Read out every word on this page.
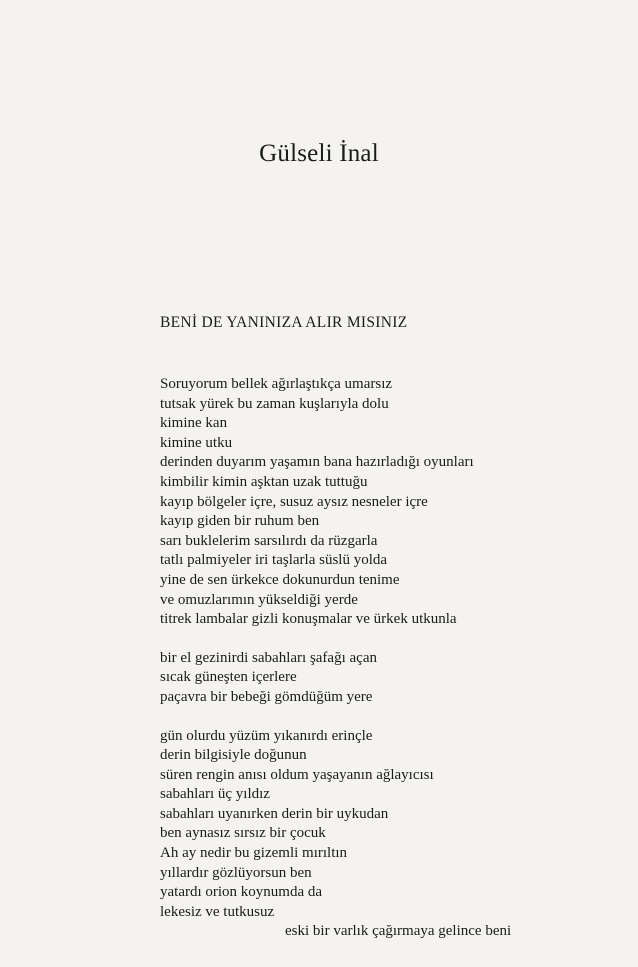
Gülseli İnal
BENİ DE YANINIZA ALIR MISINIZ
Soruyorum bellek ağırlaştıkça umarsız
tutsak yürek bu zaman kuşlarıyla dolu
kimine kan
kimine utku
derinden duyarım yaşamın bana hazırladığı oyunları
kimbilir kimin aşktan uzak tuttuğu
kayıp bölgeler içre, susuz aysız nesneler içre
kayıp giden bir ruhum ben
sarı buklelerim sarsılırdı da rüzgarla
tatlı palmiyeler iri taşlarla süslü yolda
yine de sen ürkekce dokunurdun tenime
ve omuzlarımın yükseldiği yerde
titrek lambalar gizli konuşmalar ve ürkek utkunla
bir el gezinirdi sabahları şafağı açan
sıcak güneşten içerlere
paçavra bir bebeği gömdüğüm yere
gün olurdu yüzüm yıkanırdı erinçle
derin bilgisiyle doğunun
süren rengin anısı oldum yaşayanın ağlayıcısı
sabahları üç yıldız
sabahları uyanırken derin bir uykudan
ben aynasız sırsız bir çocuk
Ah ay nedir bu gizemli mırıltın
yıllardır gözlüyorsun ben
yatardı orion koynumda da
lekesiz ve tutkusuz
eski bir varlık çağırmaya gelince beni
